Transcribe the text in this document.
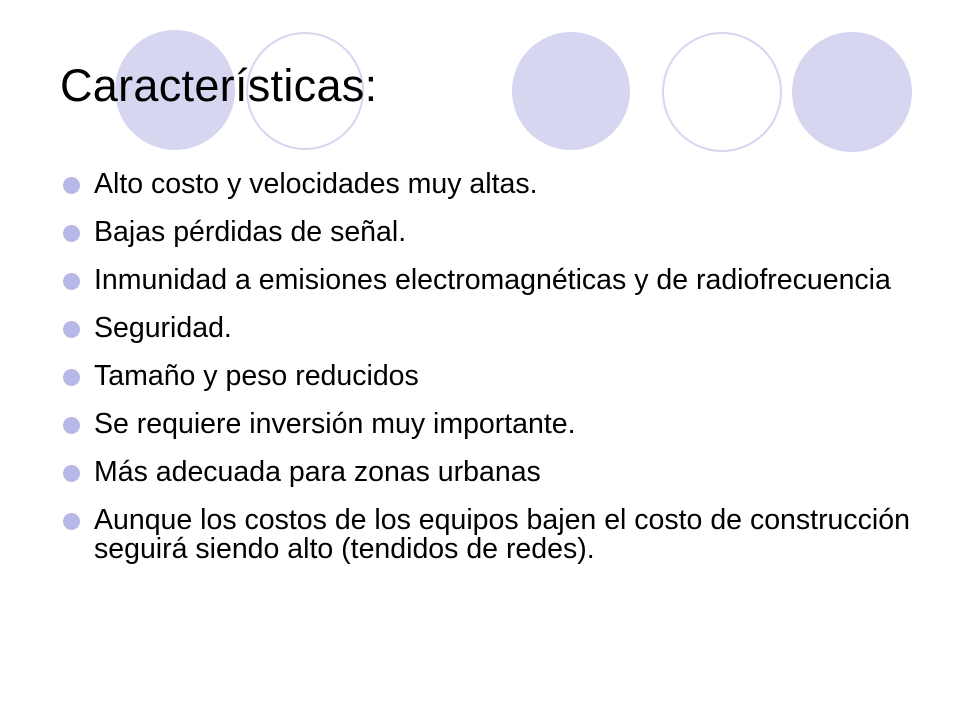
Características:
Alto costo y velocidades muy altas.
Bajas pérdidas de señal.
Inmunidad a emisiones electromagnéticas y de radiofrecuencia
Seguridad.
Tamaño y peso reducidos
Se requiere inversión muy importante.
Más adecuada para zonas urbanas
Aunque los costos de los equipos bajen el costo de construcción seguirá siendo alto (tendidos de redes).
